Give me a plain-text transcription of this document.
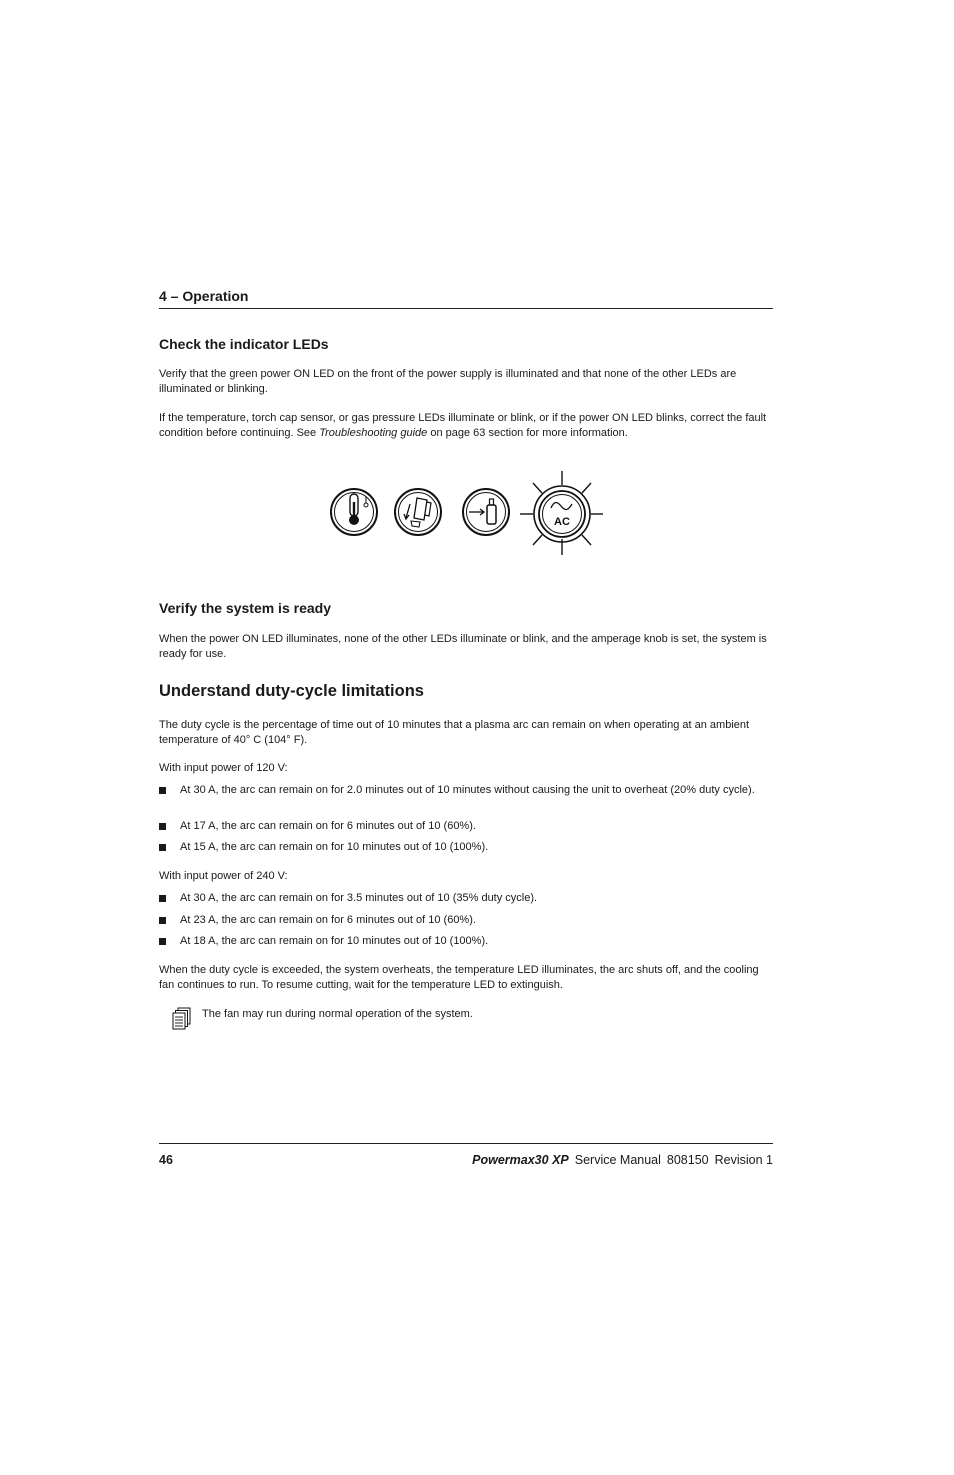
4 – Operation
Check the indicator LEDs
Verify that the green power ON LED on the front of the power supply is illuminated and that none of the other LEDs are illuminated or blinking.
If the temperature, torch cap sensor, or gas pressure LEDs illuminate or blink, or if the power ON LED blinks, correct the fault condition before continuing. See Troubleshooting guide on page 63 section for more information.
AC
Verify the system is ready
When the power ON LED illuminates, none of the other LEDs illuminate or blink, and the amperage knob is set, the system is ready for use.
Understand duty-cycle limitations
The duty cycle is the percentage of time out of 10 minutes that a plasma arc can remain on when operating at an ambient temperature of 40° C (104° F).
With input power of 120 V:
At 30 A, the arc can remain on for 2.0 minutes out of 10 minutes without causing the unit to overheat (20% duty cycle).
At 17 A, the arc can remain on for 6 minutes out of 10 (60%).
At 15 A, the arc can remain on for 10 minutes out of 10 (100%).
With input power of 240 V:
At 30 A, the arc can remain on for 3.5 minutes out of 10 (35% duty cycle).
At 23 A, the arc can remain on for 6 minutes out of 10 (60%).
At 18 A, the arc can remain on for 10 minutes out of 10 (100%).
When the duty cycle is exceeded, the system overheats, the temperature LED illuminates, the arc shuts off, and the cooling fan continues to run. To resume cutting, wait for the temperature LED to extinguish.
The fan may run during normal operation of the system.
46	Powermax30 XP Service Manual 808150 Revision 1
